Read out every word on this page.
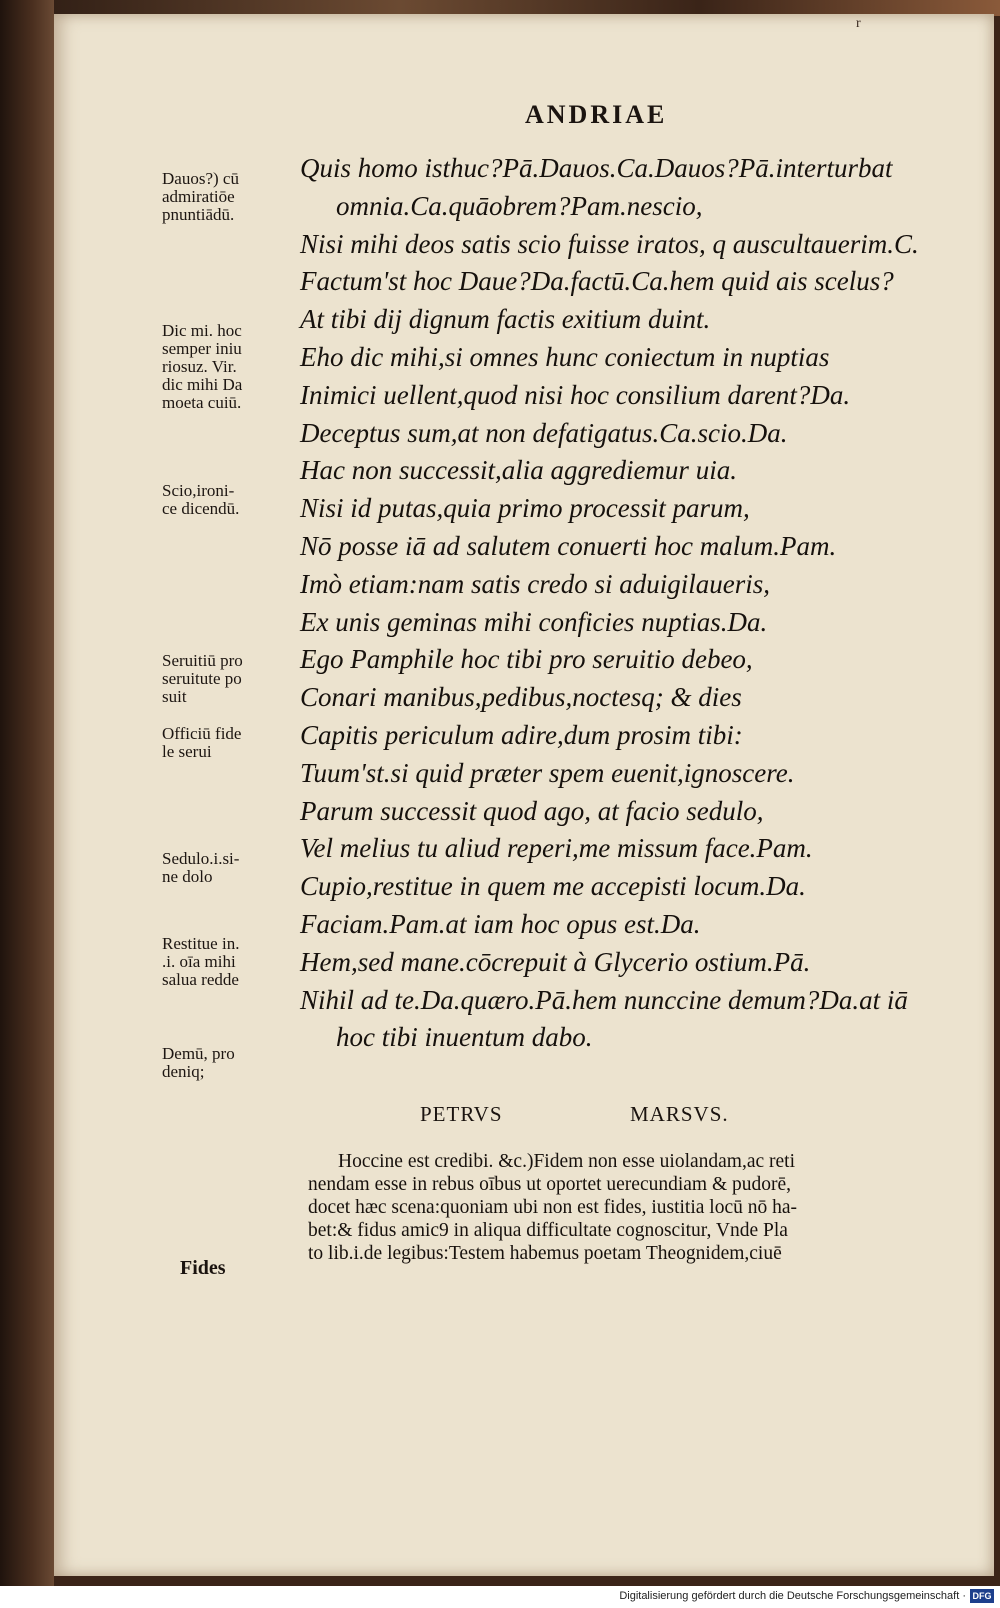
r
ANDRIAE
Quis homo isthuc?Pā.Dauos.Ca.Dauos?Pā.interturbat
omnia.Ca.quāobrem?Pam.nescio,
Nisi mihi deos satis scio fuisse iratos, q auscultauerim.C.
Factum'st hoc Daue?Da.factū.Ca.hem quid ais scelus?
At tibi dij dignum factis exitium duint.
Eho dic mihi,si omnes hunc coniectum in nuptias
Inimici uellent,quod nisi hoc consilium darent?Da.
Deceptus sum,at non defatigatus.Ca.scio.Da.
Hac non successit,alia aggrediemur uia.
Nisi id putas,quia primo processit parum,
Nō posse iā ad salutem conuerti hoc malum.Pam.
Imò etiam:nam satis credo si aduigilaueris,
Ex unis geminas mihi conficies nuptias.Da.
Ego Pamphile hoc tibi pro seruitio debeo,
Conari manibus,pedibus,noctesq; & dies
Capitis periculum adire,dum prosim tibi:
Tuum'st.si quid præter spem euenit,ignoscere.
Parum successit quod ago, at facio sedulo,
Vel melius tu aliud reperi,me missum face.Pam.
Cupio,restitue in quem me accepisti locum.Da.
Faciam.Pam.at iam hoc opus est.Da.
Hem,sed mane.cōcrepuit à Glycerio ostium.Pā.
Nihil ad te.Da.quæro.Pā.hem nunccine demum?Da.at iā
hoc tibi inuentum dabo.
Dauos?) cū
admiratiōe
pnuntiādū.
Dic mi. hoc
semper iniu
riosuz. Vir.
dic mihi Da
moeta cuiū.
Scio,ironi-
ce dicendū.
Seruitiū pro
seruitute po
suit
Officiū fide
le serui
Sedulo.i.si-
ne dolo
Restitue in.
.i. oīa mihi
salua redde
Demū, pro
deniq;
PETRVS	MARSVS.
Hoccine est credibi. &c.)Fidem non esse uiolandam,ac reti
nendam esse in rebus oībus ut oportet uerecundiam & pudorē,
docet hæc scena:quoniam ubi non est fides, iustitia locū nō ha-
bet:& fidus amic9 in aliqua difficultate cognoscitur, Vnde Pla
to lib.i.de legibus:Testem habemus poetam Theognidem,ciuē
Fides
Digitalisierung gefördert durch die Deutsche Forschungsgemeinschaft · DFG
